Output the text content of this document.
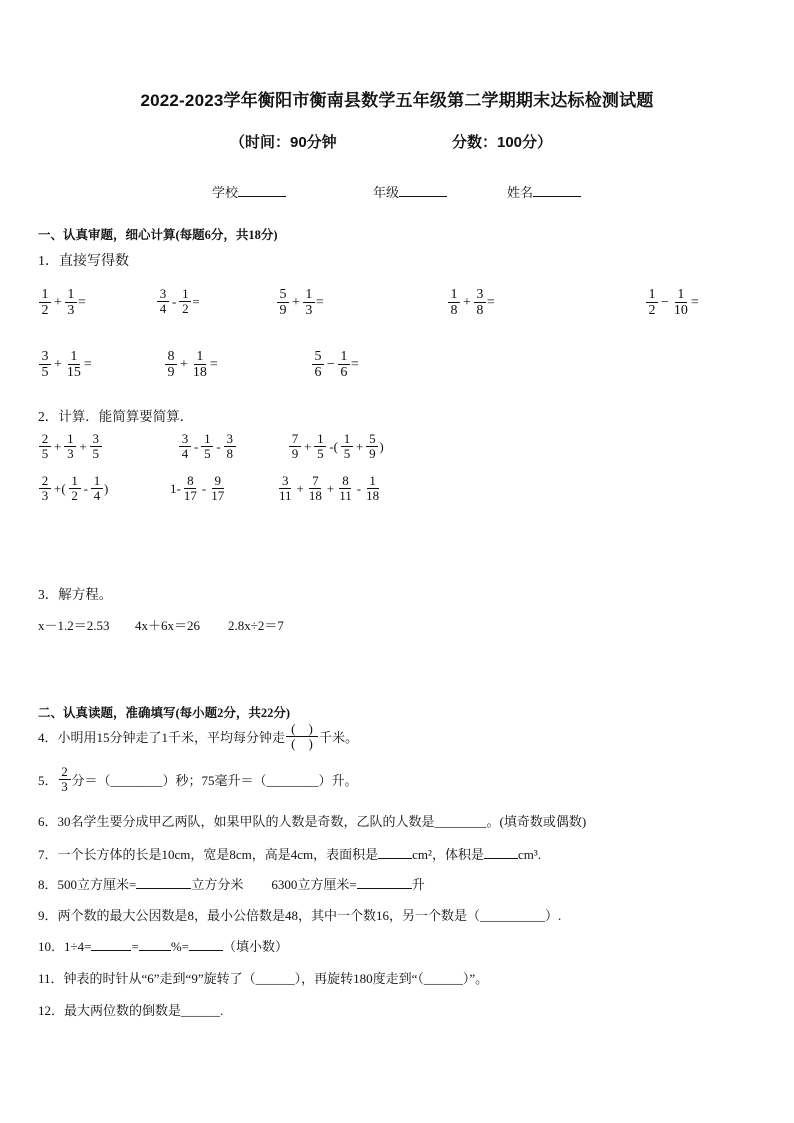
2022-2023学年衡阳市衡南县数学五年级第二学期期末达标检测试题
（时间：90分钟	分数：100分）
学校	年级	姓名
一、认真审题，细心计算(每题6分，共18分)
1．直接写得数
$\frac{1}{2} + \frac{1}{3}$ =	$\frac{3}{4} - \frac{1}{2}$ =	$\frac{5}{9} + \frac{1}{3}$ =	$\frac{1}{8} + \frac{3}{8}$ =	$\frac{1}{2} - \frac{1}{10}$ =
$\frac{3}{5} + \frac{1}{15}$ =	$\frac{8}{9} + \frac{1}{18}$ =	$\frac{5}{6} - \frac{1}{6}$ =
2．计算．能简算要简算．
$\frac{2}{5} + \frac{1}{3} + \frac{3}{5}$	$\frac{3}{4} - \frac{1}{5} - \frac{3}{8}$	$\frac{7}{9} + \frac{1}{5}$ -( $\frac{1}{5} + \frac{5}{9}$ )
$\frac{2}{3}$ +( $\frac{1}{2} - \frac{1}{4}$ )	$1- \frac{8}{17} - \frac{9}{17}$	$\frac{3}{11} + \frac{7}{18} + \frac{8}{11} - \frac{1}{18}$
3．解方程。
x－1.2＝2.53 4x＋6x＝26 2.8x÷2＝7
二、认真读题，准确填写(每小题2分，共22分)
4．小明用15分钟走了1千米，平均每分钟走 $\frac{( )}{( )}$ 千米。
5． $\frac{2}{3}$ 分＝（________）秒；75毫升＝（________）升。
6．30名学生要分成甲乙两队，如果甲队的人数是奇数，乙队的人数是________。(填奇数或偶数)
7．一个长方体的长是10cm，宽是8cm，高是4cm，表面积是	cm²，体积是	cm³.
8．500立方厘米=	立方分米 6300立方厘米=	升
9．两个数的最大公因数是8，最小公倍数是48，其中一个数16，另一个数是（__________）.
10．1÷4=	= %=	（填小数）
11．钟表的时针从“6”走到“9”旋转了（______），再旋转180度走到“（______）”。
12．最大两位数的倒数是______.
